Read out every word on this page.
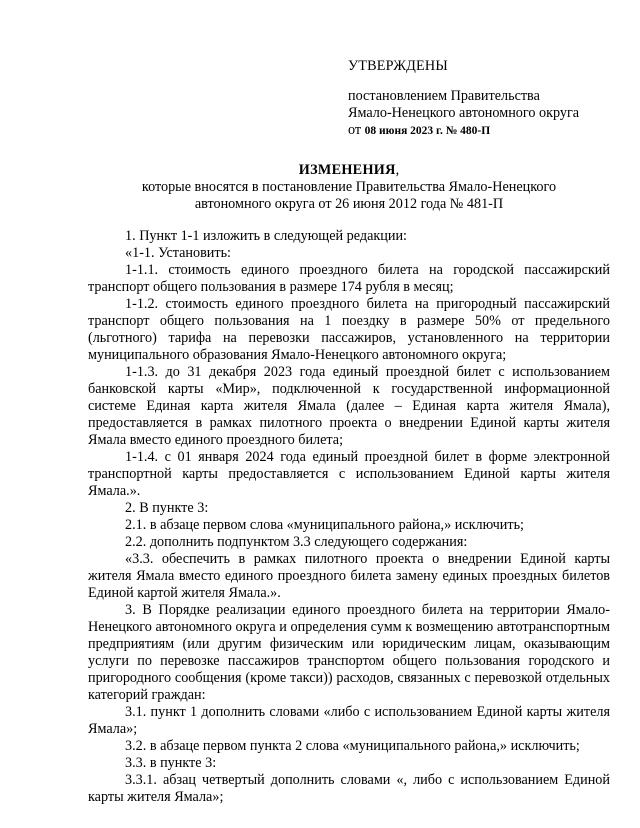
УТВЕРЖДЕНЫ
постановлением Правительства
Ямало-Ненецкого автономного округа
от 08 июня 2023 г. № 480-П
ИЗМЕНЕНИЯ,
которые вносятся в постановление Правительства Ямало-Ненецкого
автономного округа от 26 июня 2012 года № 481-П

1. Пункт 1-1 изложить в следующей редакции:

«1-1. Установить:

1-1.1. стоимость единого проездного билета на городской пассажирский транспорт общего пользования в размере 174 рубля в месяц;

1-1.2. стоимость единого проездного билета на пригородный пассажирский транспорт общего пользования на 1 поездку в размере 50% от предельного (льготного) тарифа на перевозки пассажиров, установленного на территории муниципального образования Ямало-Ненецкого автономного округа;

1-1.3. до 31 декабря 2023 года единый проездной билет с использованием банковской карты «Мир», подключенной к государственной информационной системе Единая карта жителя Ямала (далее – Единая карта жителя Ямала), предоставляется в рамках пилотного проекта о внедрении Единой карты жителя Ямала вместо единого проездного билета;

1-1.4. с 01 января 2024 года единый проездной билет в форме электронной транспортной карты предоставляется с использованием Единой карты жителя Ямала.».

2. В пункте 3:

2.1. в абзаце первом слова «муниципального района,» исключить;

2.2. дополнить подпунктом 3.3 следующего содержания:

«3.3. обеспечить в рамках пилотного проекта о внедрении Единой карты жителя Ямала вместо единого проездного билета замену единых проездных билетов Единой картой жителя Ямала.».

3. В Порядке реализации единого проездного билета на территории Ямало-Ненецкого автономного округа и определения сумм к возмещению автотранспортным предприятиям (или другим физическим или юридическим лицам, оказывающим услуги по перевозке пассажиров транспортом общего пользования городского и пригородного сообщения (кроме такси)) расходов, связанных с перевозкой отдельных категорий граждан:

3.1. пункт 1 дополнить словами «либо с использованием Единой карты жителя Ямала»;

3.2. в абзаце первом пункта 2 слова «муниципального района,» исключить;

3.3. в пункте 3:

3.3.1. абзац четвертый дополнить словами «, либо с использованием Единой карты жителя Ямала»;
